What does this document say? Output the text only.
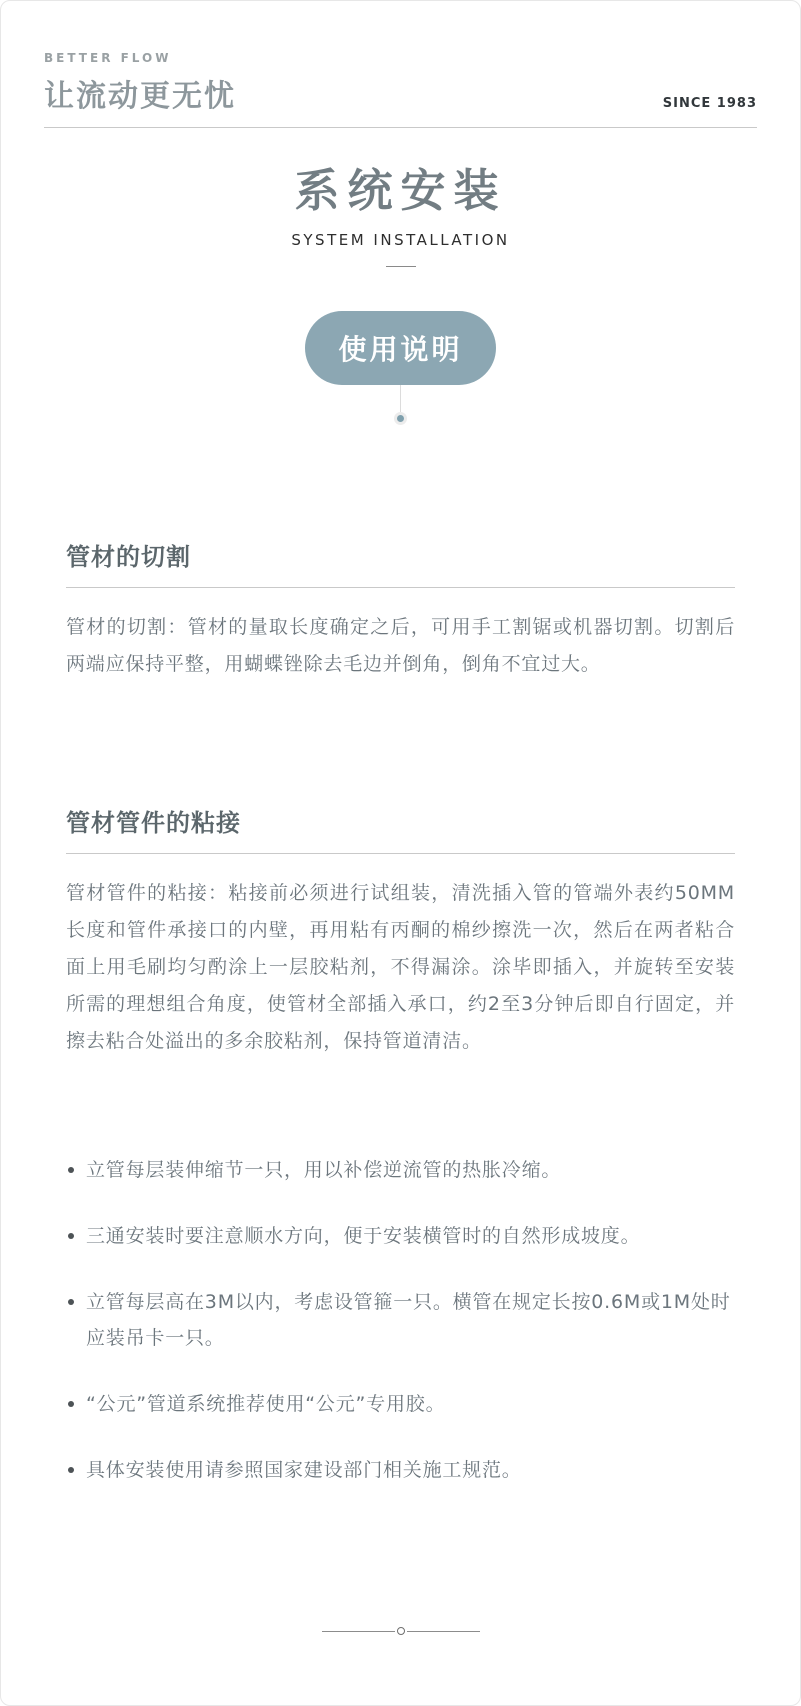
BETTER FLOW
让流动更无忧	SINCE 1983
系统安装
SYSTEM INSTALLATION
使用说明
管材的切割

管材的切割：管材的量取长度确定之后，可用手工割锯或机器切割。切割后两端应保持平整，用蝴蝶锉除去毛边并倒角，倒角不宜过大。

管材管件的粘接

管材管件的粘接：粘接前必须进行试组装，清洗插入管的管端外表约50MM长度和管件承接口的内壁，再用粘有丙酮的棉纱擦洗一次，然后在两者粘合面上用毛刷均匀酌涂上一层胶粘剂，不得漏涂。涂毕即插入，并旋转至安装所需的理想组合角度，使管材全部插入承口，约2至3分钟后即自行固定，并擦去粘合处溢出的多余胶粘剂，保持管道清洁。

立管每层装伸缩节一只，用以补偿逆流管的热胀冷缩。
三通安装时要注意顺水方向，便于安装横管时的自然形成坡度。
立管每层高在3M以内，考虑设管箍一只。横管在规定长按0.6M或1M处时应装吊卡一只。
“公元”管道系统推荐使用“公元”专用胶。
具体安装使用请参照国家建设部门相关施工规范。
